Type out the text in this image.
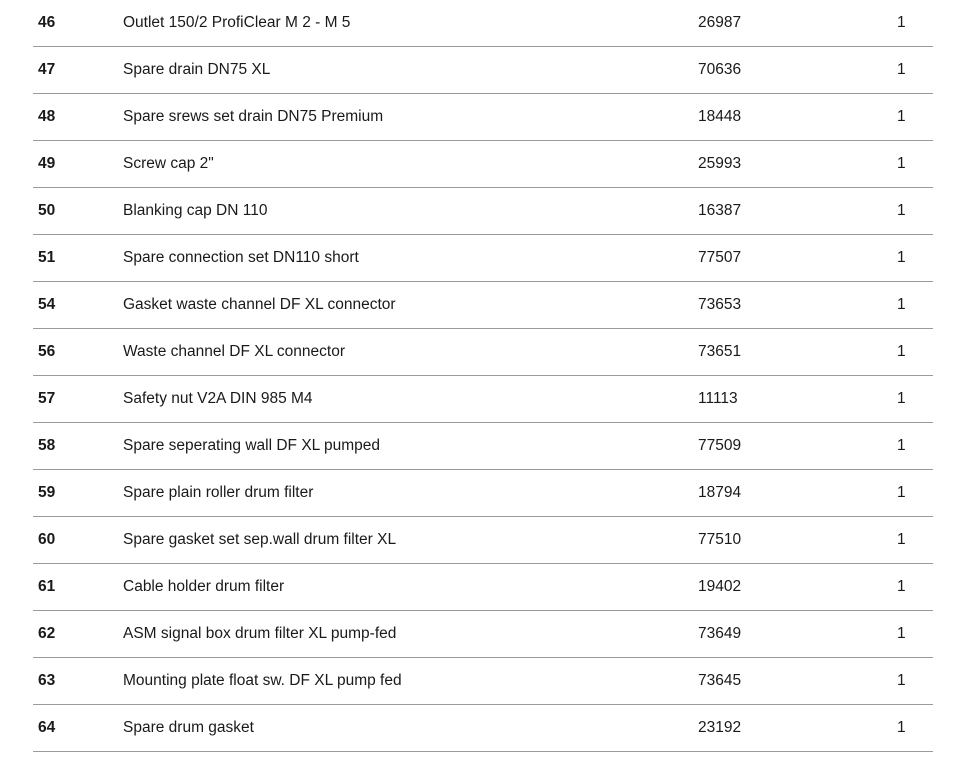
46	Outlet 150/2 ProfiClear M 2 - M 5	26987	1
47	Spare drain DN75 XL	70636	1
48	Spare srews set drain DN75 Premium	18448	1
49	Screw cap 2"	25993	1
50	Blanking cap DN 110	16387	1
51	Spare connection set DN110 short	77507	1
54	Gasket waste channel DF XL connector	73653	1
56	Waste channel DF XL connector	73651	1
57	Safety nut V2A DIN 985 M4	11113	1
58	Spare seperating wall DF XL pumped	77509	1
59	Spare plain roller drum filter	18794	1
60	Spare gasket set sep.wall drum filter XL	77510	1
61	Cable holder drum filter	19402	1
62	ASM signal box drum filter XL pump-fed	73649	1
63	Mounting plate float sw. DF XL pump fed	73645	1
64	Spare drum gasket	23192	1
